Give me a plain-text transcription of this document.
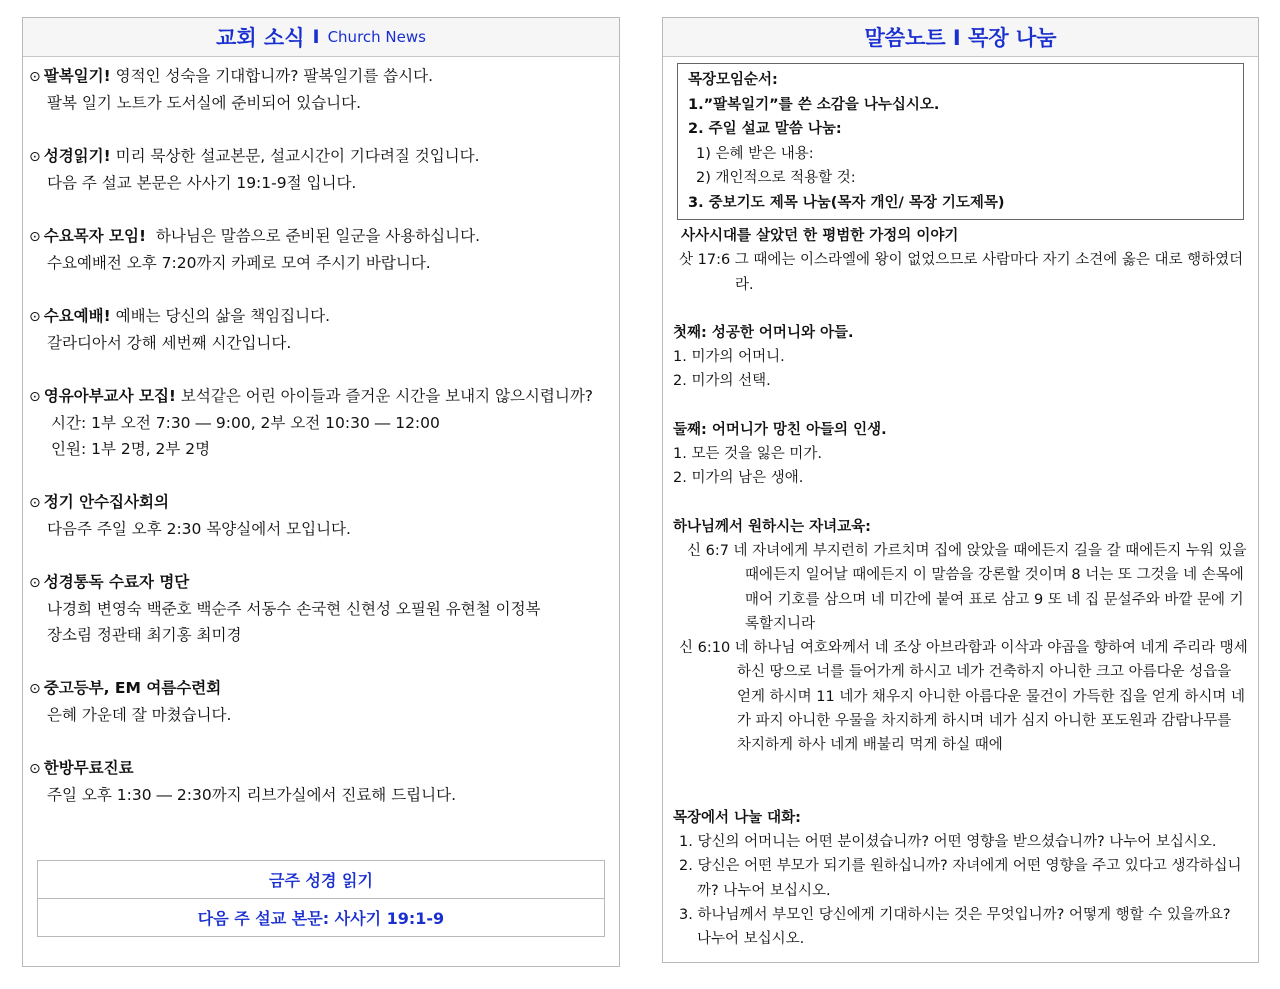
교회 소식 I Church News
⊙ 팔복일기! 영적인 성숙을 기대합니까? 팔복일기를 씁시다.
팔복 일기 노트가 도서실에 준비되어 있습니다.
⊙ 성경읽기! 미리 묵상한 설교본문, 설교시간이 기다려질 것입니다.
다음 주 설교 본문은 사사기 19:1-9절 입니다.
⊙ 수요목자 모임! 하나님은 말씀으로 준비된 일군을 사용하십니다.
수요예배전 오후 7:20까지 카페로 모여 주시기 바랍니다.
⊙ 수요예배! 예배는 당신의 삶을 책임집니다.
갈라디아서 강해 세번째 시간입니다.
⊙ 영유아부교사 모집! 보석같은 어린 아이들과 즐거운 시간을 보내지 않으시렵니까?
시간: 1부 오전 7:30 ― 9:00, 2부 오전 10:30 ― 12:00
인원: 1부 2명, 2부 2명
⊙ 정기 안수집사회의
다음주 주일 오후 2:30 목양실에서 모입니다.
⊙ 성경통독 수료자 명단
나경희 변영숙 백준호 백순주 서동수 손국현 신현성 오필원 유현철 이정복
장소림 정관태 최기홍 최미경
⊙ 중고등부, EM 여름수련회
은혜 가운데 잘 마쳤습니다.
⊙ 한방무료진료
주일 오후 1:30 ― 2:30까지 리브가실에서 진료해 드립니다.
금주 성경 읽기
다음 주 설교 본문: 사사기 19:1-9
말씀노트 I 목장 나눔
목장모임순서:
1.”팔복일기”를 쓴 소감을 나누십시오.
2. 주일 설교 말씀 나눔:
1) 은혜 받은 내용:
2) 개인적으로 적용할 것:
3. 중보기도 제목 나눔(목자 개인/ 목장 기도제목)
사사시대를 살았던 한 평범한 가정의 이야기
삿 17:6 그 때에는 이스라엘에 왕이 없었으므로 사람마다 자기 소견에 옳은 대로 행하였더라.
첫째: 성공한 어머니와 아들.
1. 미가의 어머니.
2. 미가의 선택.
둘째: 어머니가 망친 아들의 인생.
1. 모든 것을 잃은 미가.
2. 미가의 남은 생애.
하나님께서 원하시는 자녀교육:
신 6:7 네 자녀에게 부지런히 가르치며 집에 앉았을 때에든지 길을 갈 때에든지 누워 있을 때에든지 일어날 때에든지 이 말씀을 강론할 것이며 8 너는 또 그것을 네 손목에 매어 기호를 삼으며 네 미간에 붙여 표로 삼고 9 또 네 집 문설주와 바깥 문에 기록할지니라
신 6:10 네 하나님 여호와께서 네 조상 아브라함과 이삭과 야곱을 향하여 네게 주리라 맹세하신 땅으로 너를 들어가게 하시고 네가 건축하지 아니한 크고 아름다운 성읍을 얻게 하시며 11 네가 채우지 아니한 아름다운 물건이 가득한 집을 얻게 하시며 네가 파지 아니한 우물을 차지하게 하시며 네가 심지 아니한 포도원과 감람나무를 차지하게 하사 네게 배불리 먹게 하실 때에
목장에서 나눌 대화:
1. 당신의 어머니는 어떤 분이셨습니까? 어떤 영향을 받으셨습니까? 나누어 보십시오.
2. 당신은 어떤 부모가 되기를 원하십니까? 자녀에게 어떤 영향을 주고 있다고 생각하십니까? 나누어 보십시오.
3. 하나님께서 부모인 당신에게 기대하시는 것은 무엇입니까? 어떻게 행할 수 있을까요? 나누어 보십시오.
